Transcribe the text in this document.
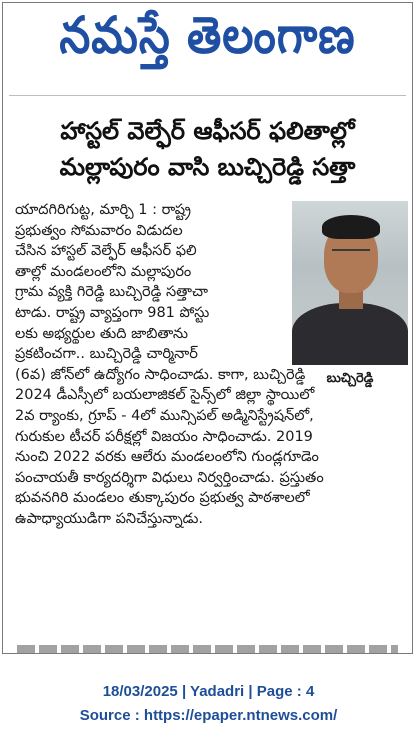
నమస్తే తెలంగాణ
హాస్టల్ వెల్ఫేర్ ఆఫీసర్ ఫలితాల్లో
మల్లాపురం వాసి బుచ్చిరెడ్డి సత్తా
యాదగిరిగుట్ట, మార్చి 1 : రాష్ట్ర
ప్రభుత్వం సోమవారం విడుదల
చేసిన హాస్టల్ వెల్ఫేర్ ఆఫీసర్ ఫలి
తాల్లో మండలంలోని మల్లాపురం
గ్రామ వ్యక్తి గిరెడ్డి బుచ్చిరెడ్డి సత్తాచా
టాడు. రాష్ట్ర వ్యాప్తంగా 981 పోస్టు
లకు అభ్యర్థుల తుది జాబితాను
ప్రకటించగా.. బుచ్చిరెడ్డి చార్మినార్
(6వ) జోన్‌లో ఉద్యోగం సాధించాడు. కాగా, బుచ్చిరెడ్డి
2024 డీఎస్సీలో బయలాజికల్ సైన్స్‌లో జిల్లా స్థాయిలో
2వ ర్యాంకు, గ్రూప్ - 4లో మున్సిపల్ అడ్మినిస్ట్రేషన్‌లో,
గురుకుల టీచర్ పరీక్షల్లో విజయం సాధించాడు. 2019
నుంచి 2022 వరకు ఆలేరు మండలంలోని గుండ్లగూడెం
పంచాయతీ కార్యదర్శిగా విధులు నిర్వర్తించాడు. ప్రస్తుతం
భువనగిరి మండలం తుక్కాపురం ప్రభుత్వ పాఠశాలలో
ఉపాధ్యాయుడిగా పనిచేస్తున్నాడు.
బుచ్చిరెడ్డి
18/03/2025 | Yadadri | Page : 4
Source : https://epaper.ntnews.com/
